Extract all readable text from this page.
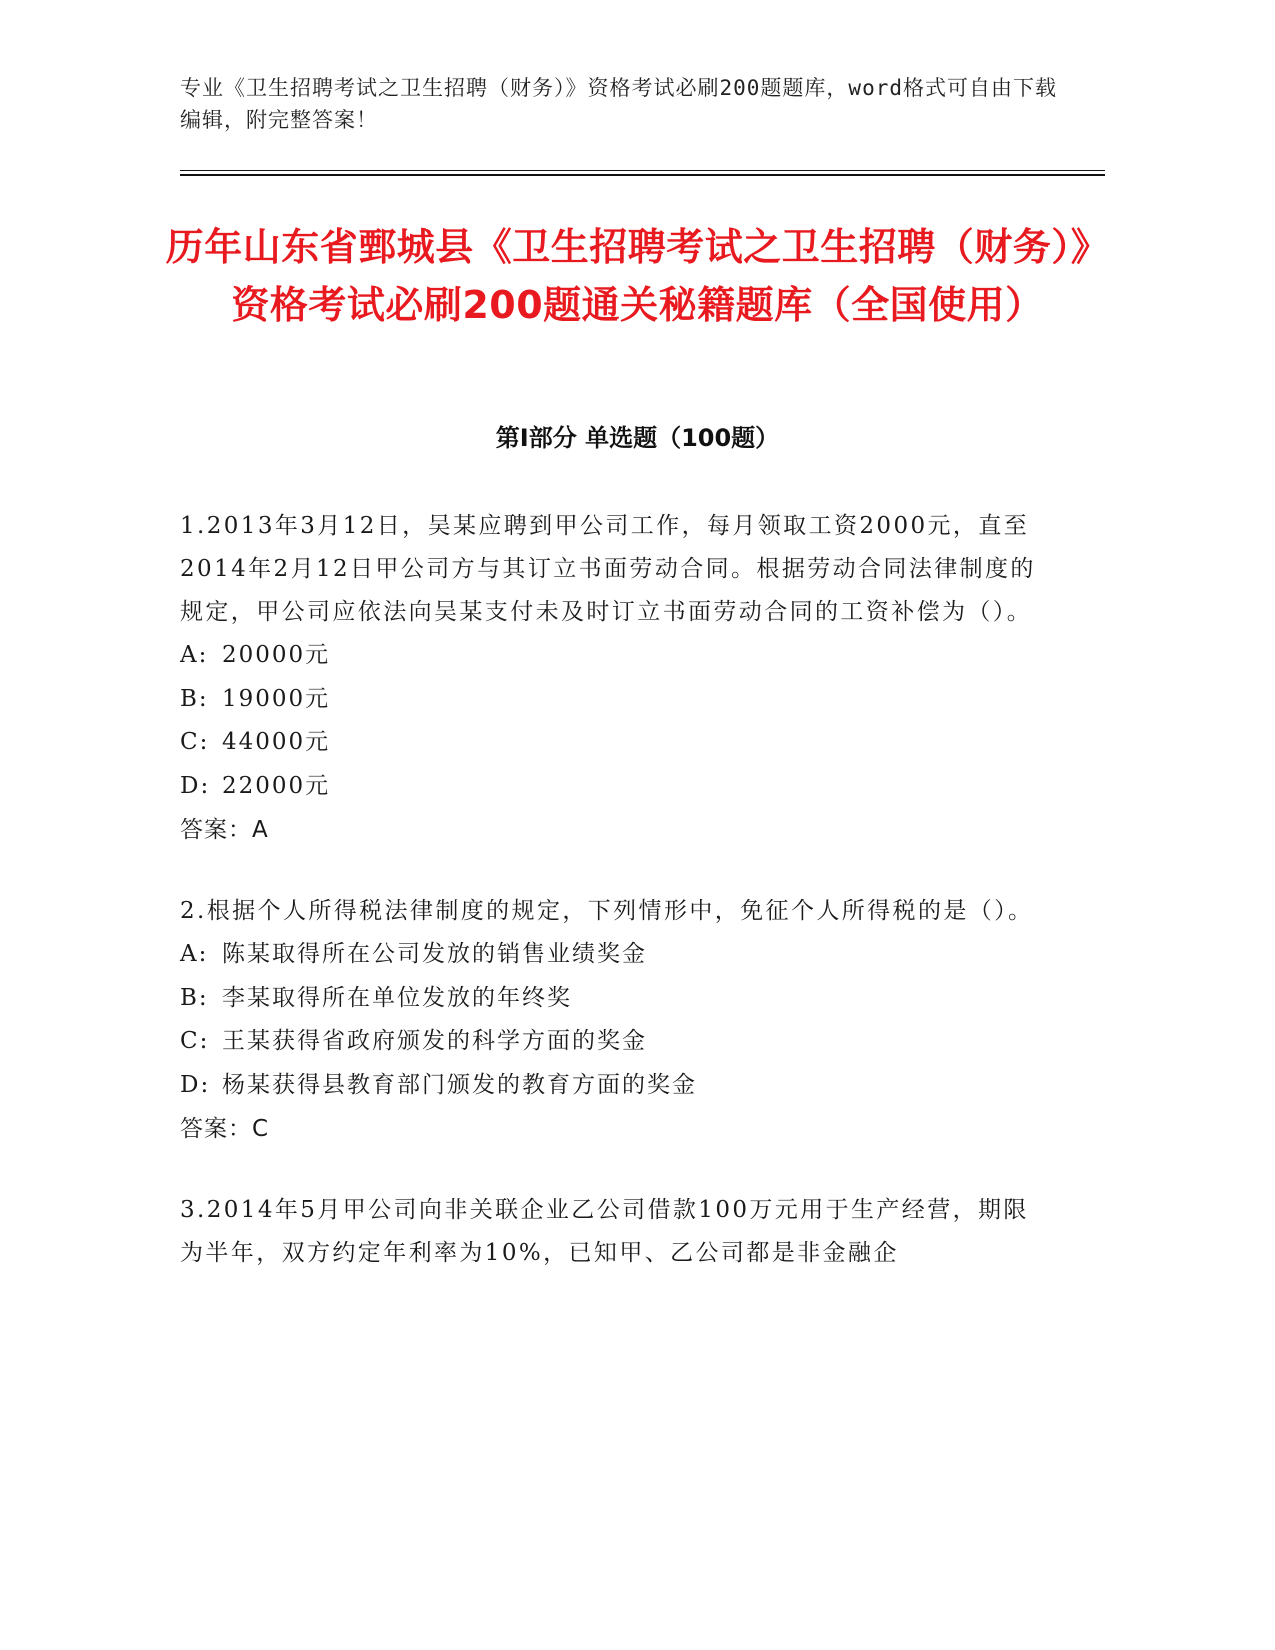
专业《卫生招聘考试之卫生招聘（财务）》资格考试必刷200题题库，word格式可自由下载编辑，附完整答案！
历年山东省鄄城县《卫生招聘考试之卫生招聘（财务）》资格考试必刷200题通关秘籍题库（全国使用）
第I部分 单选题（100题）

1.2013年3月12日，吴某应聘到甲公司工作，每月领取工资2000元，直至2014年2月12日甲公司方与其订立书面劳动合同。根据劳动合同法律制度的规定，甲公司应依法向吴某支付未及时订立书面劳动合同的工资补偿为（）。

A: 20000元

B: 19000元

C: 44000元

D: 22000元

答案：A

2.根据个人所得税法律制度的规定，下列情形中，免征个人所得税的是（）。

A: 陈某取得所在公司发放的销售业绩奖金

B: 李某取得所在单位发放的年终奖

C: 王某获得省政府颁发的科学方面的奖金

D: 杨某获得县教育部门颁发的教育方面的奖金

答案：C

3.2014年5月甲公司向非关联企业乙公司借款100万元用于生产经营，期限为半年，双方约定年利率为10%，已知甲、乙公司都是非金融企
